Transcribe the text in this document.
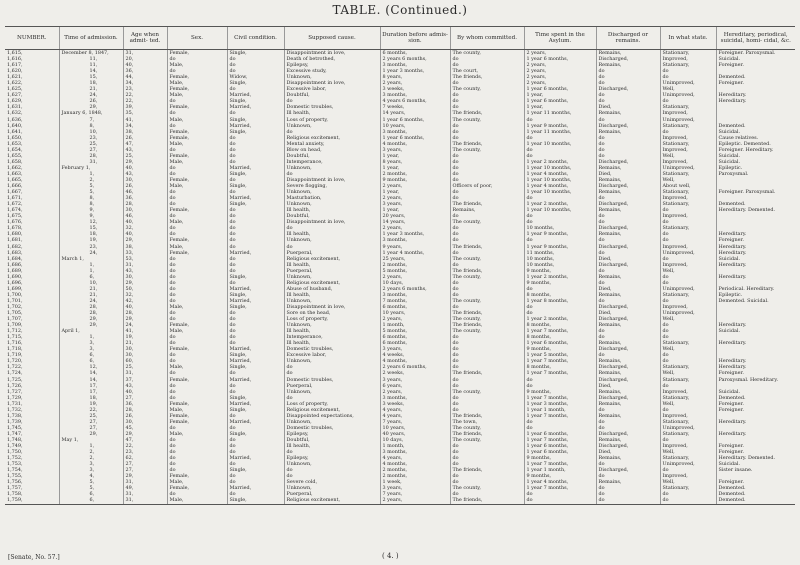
TABLE. (Continued.)
NUMBER.	Time of admission.	Age when admit- ted.	Sex.	Civil condition.	Supposed cause.	Duration before admis- sion.	By whom committed.	Time spent in the Asylum.	Discharged or remains.	In what state.	Hereditary, periodical, suicidal, homi- cidal, &c.
1,615,	December 8, 1847,	31,	Female,	Single,	Disappointment in love,	6 months,	The county,	2 years,	Remains,	Stationary,	Foreigner. Paroxysmal.
1,616,	11,	20,	do	do	Death of betrothed,	2 years 6 months,	do	1 year 6 months,	Discharged,	Improved,	Suicidal.
1,617,	11,	40,	Male,	do	Epilepsy,	3 months,	do	2 years,	Remains,	Stationary,	Foreigner.
1,620,	14,	36,	do	do	Excessive study,	1 year 3 months,	The court,	2 years,	do	do	
1,621,	15,	44,	Female,	Widow,	Unknown,	8 years,	The friends,	2 years,	do	do	Demented.
1,622,	18,	34,	Male,	Single,	Disappointment in love,	2 years,	do	2 years,	do	Unimproved,	Foreigner.
1,625,	21,	23,	Female,	do	Excessive labor,	3 weeks,	The county,	1 year 6 months,	Discharged,	Well,	
1,627,	24,	22,	Male,	Married,	Doubtful,	3 months,	do	1 year,	do	Unimproved,	Hereditary.
1,629,	26,	22,	do	Single,	do	4 years 6 months,	do	1 year 6 months,	do	do	Hereditary.
1,631,	29,	39,	Female,	Married,	Domestic troubles,	7 weeks,	do	1 year,	Died,	Stationary,	
1,632,	January 6, 1848,	35,	do	do	Ill health,	14 years,	The friends,	1 year 11 months,	Remains,	Improved,	
1,636,	7,	41,	Male,	Single,	Loss of property,	1 year 6 months,	The county,	do	do	Unimproved,	
1,640,	8,	34,	do	Married,	Unknown,	10 years,	do	1 year 9 months,	Discharged,	Stationary,	Demented.
1,641,	10,	38,	Female,	Single,	do	3 months,	do	1 year 11 months,	Remains,	do	Suicidal.
1,650,	23,	26,	Female,	do	Religious excitement,	1 year 6 months,	do	do	do	Improved,	Cause relatives.
1,653,	25,	47,	Male,	do	Mental anxiety,	4 months,	The friends,	1 year 10 months,	do	Stationary,	Epileptic. Demented.
1,654,	27,	43,	do	do	Blow on head,	3 years,	The county,	do	do	Improved,	Foreigner. Hereditary.
1,655,	28,	25,	Female,	do	Doubtful,	1 year,	do	do	do	Well,	Suicidal.
1,658,	31,	29,	Male,	do	Intemperance,	8 years,	do	1 year 2 months,	Discharged,	Improved,	Suicidal.
1,662,	February 1,	40,	do	Married,	Unknown,	1 year,	do	1 year 10 months,	Remains,	Unimproved,	Epileptic.
1,663,	1,	43,	do	Single,	do	2 months,	do	1 year 4 months,	Died,	Stationary,	Paroxysmal.
1,665,	2,	30,	Female,	do	Disappointment in love,	9 months,	do	1 year 10 months,	Remains,	Well,	
1,666,	5,	26,	Male,	Single,	Severe flogging,	2 years,	Officers of poor,	1 year 4 months,	Discharged,	About well,	
1,667,	5,	46,	do	do	Unknown,	1 year,	do	1 year 10 months,	Remains,	Stationary,	Foreigner. Paroxysmal.
1,671,	8,	36,	do	Married,	Masturbation,	2 years,	do	do	do	Improved,	
1,672,	8,	28,	do	Single,	Unknown,	3 years,	The friends,	1 year 2 months,	Discharged,	Stationary,	Demented.
1,674,	9,	30,	Female,	do	Ill health,	1 year,	Remains,	1 year 10 months,	Remains,	do	Hereditary. Demented.
1,675,	9,	46,	do	do	Doubtful,	20 years,	do	do	do	Improved,	
1,676,	12,	40,	Male,	do	Disappointment in love,	14 years,	The county,	do	do	do	
1,678,	15,	32,	do	do	do	2 years,	do	10 months,	Discharged,	Stationary,	
1,680,	18,	40,	do	do	Ill health,	1 year 3 months,	do	1 year 9 months,	Remains,	do	Hereditary.
1,681,	19,	29,	Female,	do	Unknown,	3 months,	do	do	do	do	Foreigner.
1,682,	23,	38,	Male,	do	do	9 years,	The friends,	1 year 9 months,	Discharged,	Improved,	Hereditary.
1,683,	24,	33,	Female,	Married,	Puerperal,	1 year 4 months,	do	11 months,	do	Unimproved,	Hereditary.
1,684,	March 1,	53,	do	do	Religious excitement,	25 years,	The county,	10 months,	Died,	do	Suicidal.
1,686,	1,	31,	do	do	Ill health,	2 months,	do	10 months,	Discharged,	Improved,	Hereditary.
1,689,	1,	43,	do	do	Puerperal,	5 months,	The friends,	9 months,	do	Well,	
1,690,	6,	30,	do	Single,	Unknown,	2 years,	The county,	1 year 2 months,	Remains,	do	Hereditary.
1,696,	10,	29,	do	do	Religious excitement,	10 days,	do	9 months,	do	do	
1,699,	21,	50,	do	Married,	Abuse of husband,	2 years 6 months,	do	do	Died,	Unimproved,	Periodical. Hereditary.
1,700,	21,	32,	do	Single,	Ill health,	3 months,	do	8 months,	Remains,	Stationary,	Epileptic.
1,701,	24,	42,	do	Married,	Unknown,	7 months,	The county,	1 year 8 months,	do	do	Demented. Suicidal.
1,702,	28,	40,	Male,	Single,	Disappointment in love,	6 months,	do	do	Discharged,	Improved,	
1,705,	28,	28,	do	do	Sore on the head,	10 years,	The friends,	do	Died,	Unimproved,	
1,707,	29,	29,	do	do	Loss of property,	2 years,	The county,	1 year 2 months,	Discharged,	Well,	
1,709,	29,	24,	Female,	do	Unknown,	1 month,	The friends,	8 months,	Remains,	do	Hereditary.
1,712,	April 1,	41,	Male,	do	Ill health,	5 months,	The county,	1 year 7 months,	do	do	Suicidal.
1,715,	1,	19,	do	do	Intemperance,	6 months,	do	8 months,	do	do	
1,716,	3,	21,	do	do	Ill health,	6 months,	do	1 year 6 months,	Remains,	Stationary,	Hereditary.
1,718,	3,	30,	Female,	Married,	Domestic troubles,	3 years,	do	9 months,	Discharged,	Well,	
1,719,	6,	30,	do	Single,	Excessive labor,	4 weeks,	do	1 year 5 months,	do	do	
1,720,	6,	60,	do	Married,	Unknown,	4 months,	do	1 year 7 months,	Remains,	do	Hereditary.
1,722,	12,	25,	Male,	Single,	do	2 years 6 months,	do	8 months,	Discharged,	Stationary,	Hereditary.
1,724,	14,	31,	do	do	do	2 weeks,	The friends,	1 year 7 months,	Remains,	Well,	Foreigner.
1,725,	14,	37,	Female,	Married,	Domestic troubles,	3 years,	do	do	Discharged,	Stationary,	Paroxysmal. Hereditary.
1,726,	17,	43,	do	do	Puerperal,	6 years,	do	do	Died,	do	
1,727,	17,	40,	do	do	Unknown,	2 years,	The county,	9 months,	Remains,	Improved,	Suicidal.
1,729,	18,	27,	do	Single,	do	3 months,	do	1 year 7 months,	Discharged,	Stationary,	Demented.
1,731,	19,	36,	Female,	Married,	Loss of property,	3 weeks,	do	1 year 3 months,	Remains,	Well,	Foreigner.
1,732,	22,	28,	Male,	Single,	Religious excitement,	4 years,	do	1 year 1 month,	do	do	Foreigner.
1,738,	25,	26,	Female,	do	Disappointed expectations,	4 years,	The friends,	1 year 7 months,	Remains,	Improved,	
1,739,	27,	30,	Female,	Married,	Unknown,	7 years,	The town,	do	do	Stationary,	Hereditary.
1,745,	27,	45,	do	do	Domestic troubles,	10 years,	The county,	do	do	Unimproved,	
1,747,	29,	29,	Male,	Single,	Epilepsy,	40 years,	The friends,	1 year 6 months,	Discharged,	Stationary,	Hereditary.
1,748,	May 1,	47,	do	do	Doubtful,	10 days,	The county,	1 year 7 months,	Remains,	do	
1,749,	1,	22,	do	do	Ill health,	1 month,	do	1 year 6 months,	Discharged,	Improved,	Foreigner.
1,750,	2,	23,	do	do	do	3 months,	do	1 year 6 months,	Died,	Well,	Foreigner.
1,752,	2,	62,	do	Married,	Epilepsy,	4 years,	do	9 months,	Remains,	Stationary,	Hereditary. Demented.
1,753,	3,	27,	do	do	Unknown,	4 months,	do	1 year 7 months,	do	Unimproved,	Suicidal.
1,754,	3,	27,	do	Single,	do	2 months,	The friends,	1 year 1 month,	Discharged,	do	Sister insane.
1,755,	4,	29,	Female,	do	do	2 months,	do	9 months,	do	Improved,	
1,756,	5,	31,	Male,	do	Severe cold,	1 week,	do	1 year 4 months,	Remains,	Well,	Foreigner.
1,757,	5,	49,	Female,	Married,	Unknown,	3 years,	The county,	1 year 7 months,	do	Stationary,	Demented.
1,758,	6,	31,	do	do	Puerperal,	7 years,	do	do	do	do	Demented.
1,759,	6,	31,	Male,	Single,	Religious excitement,	2 years,	The friends,	do	do	do	Demented.
[Senate, No. 57.]	( 4. )
